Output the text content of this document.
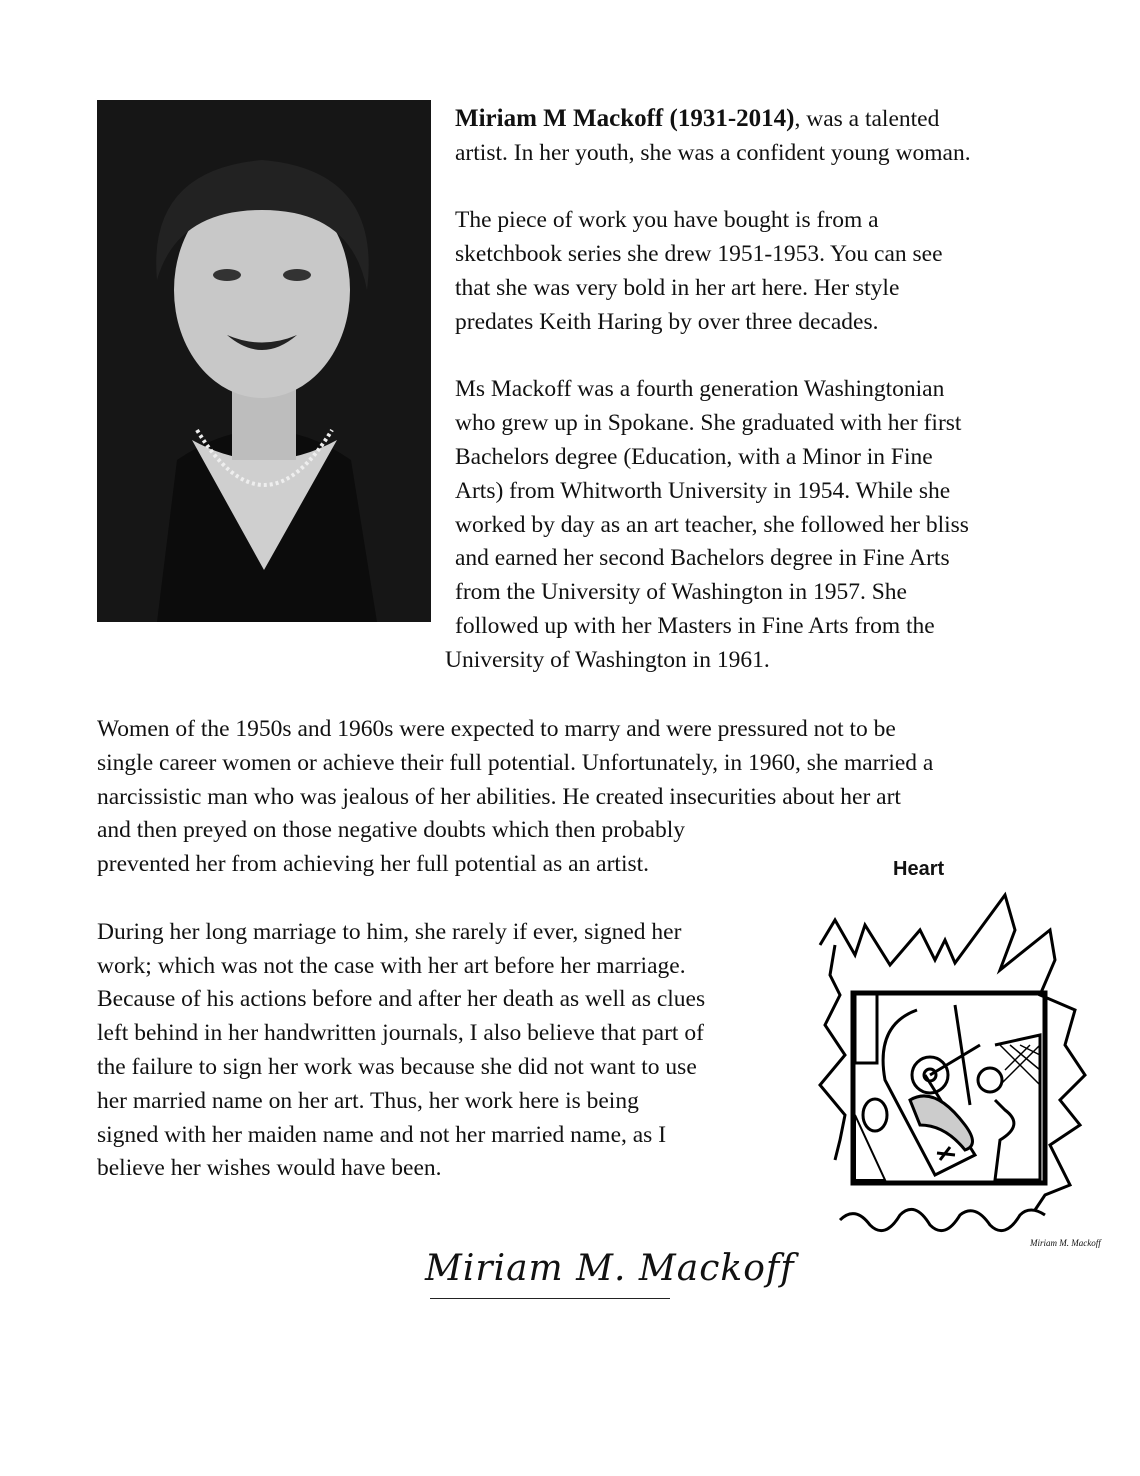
Miriam M Mackoff (1931-2014), was a talented
artist. In her youth, she was a confident young woman.
The piece of work you have bought is from a
sketchbook series she drew 1951-1953. You can see
that she was very bold in her art here. Her style
predates Keith Haring by over three decades.
Ms Mackoff was a fourth generation Washingtonian
who grew up in Spokane. She graduated with her first
Bachelors degree (Education, with a Minor in Fine
Arts) from Whitworth University in 1954. While she
worked by day as an art teacher, she followed her bliss
and earned her second Bachelors degree in Fine Arts
from the University of Washington in 1957. She
followed up with her Masters in Fine Arts from the
University of Washington in 1961.
Women of the 1950s and 1960s were expected to marry and were pressured not to be
single career women or achieve their full potential. Unfortunately, in 1960, she married a
narcissistic man who was jealous of her abilities. He created insecurities about her art
and then preyed on those negative doubts which then probably
prevented her from achieving her full potential as an artist.
During her long marriage to him, she rarely if ever, signed her
work; which was not the case with her art before her marriage.
Because of his actions before and after her death as well as clues
left behind in her handwritten journals, I also believe that part of
the failure to sign her work was because she did not want to use
her married name on her art. Thus, her work here is being
signed with her maiden name and not her married name, as I
believe her wishes would have been.
Heart
Miriam M. Mackoff
Miriam M. Mackoff
